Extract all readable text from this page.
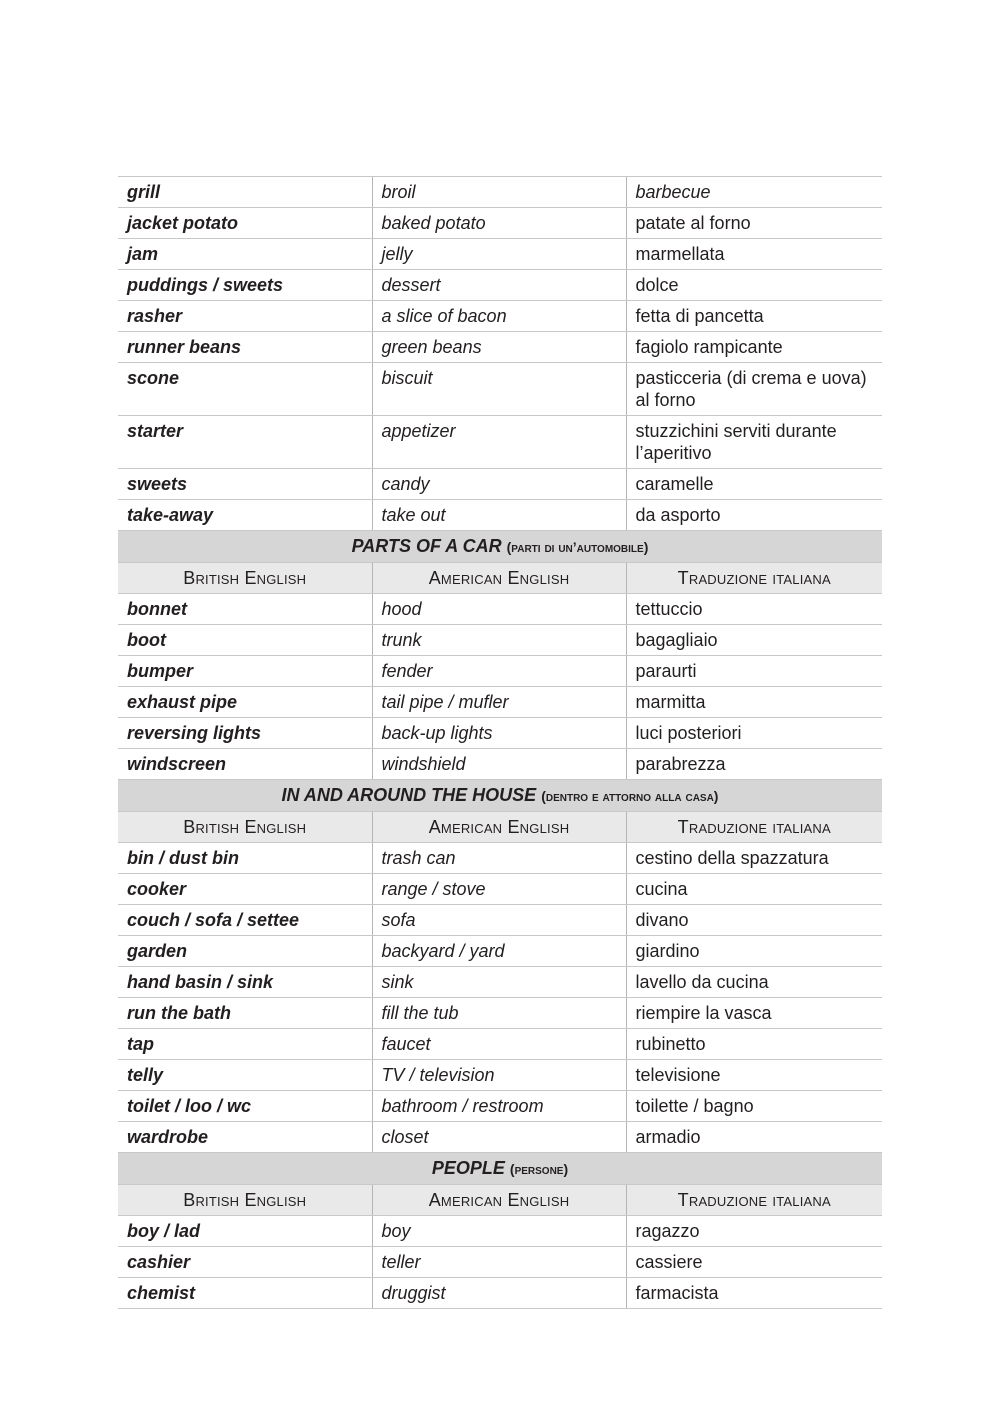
grill	broil	barbecue
jacket potato	baked potato	patate al forno
jam	jelly	marmellata
puddings / sweets	dessert	dolce
rasher	a slice of bacon	fetta di pancetta
runner beans	green beans	fagiolo rampicante
scone	biscuit	pasticceria (di crema e uova) al forno
starter	appetizer	stuzzichini serviti durante l’aperitivo
sweets	candy	caramelle
take-away	take out	da asporto
PARTS OF A CAR (parti di un’automobile)		
British English	American English	Traduzione italiana
bonnet	hood	tettuccio
boot	trunk	bagagliaio
bumper	fender	paraurti
exhaust pipe	tail pipe / mufler	marmitta
reversing lights	back-up lights	luci posteriori
windscreen	windshield	parabrezza
IN AND AROUND THE HOUSE (dentro e attorno alla casa)		
British English	American English	Traduzione italiana
bin / dust bin	trash can	cestino della spazzatura
cooker	range / stove	cucina
couch / sofa / settee	sofa	divano
garden	backyard / yard	giardino
hand basin / sink	sink	lavello da cucina
run the bath	fill the tub	riempire la vasca
tap	faucet	rubinetto
telly	TV / television	televisione
toilet / loo / wc	bathroom / restroom	toilette / bagno
wardrobe	closet	armadio
PEOPLE (persone)		
British English	American English	Traduzione italiana
boy / lad	boy	ragazzo
cashier	teller	cassiere
chemist	druggist	farmacista
